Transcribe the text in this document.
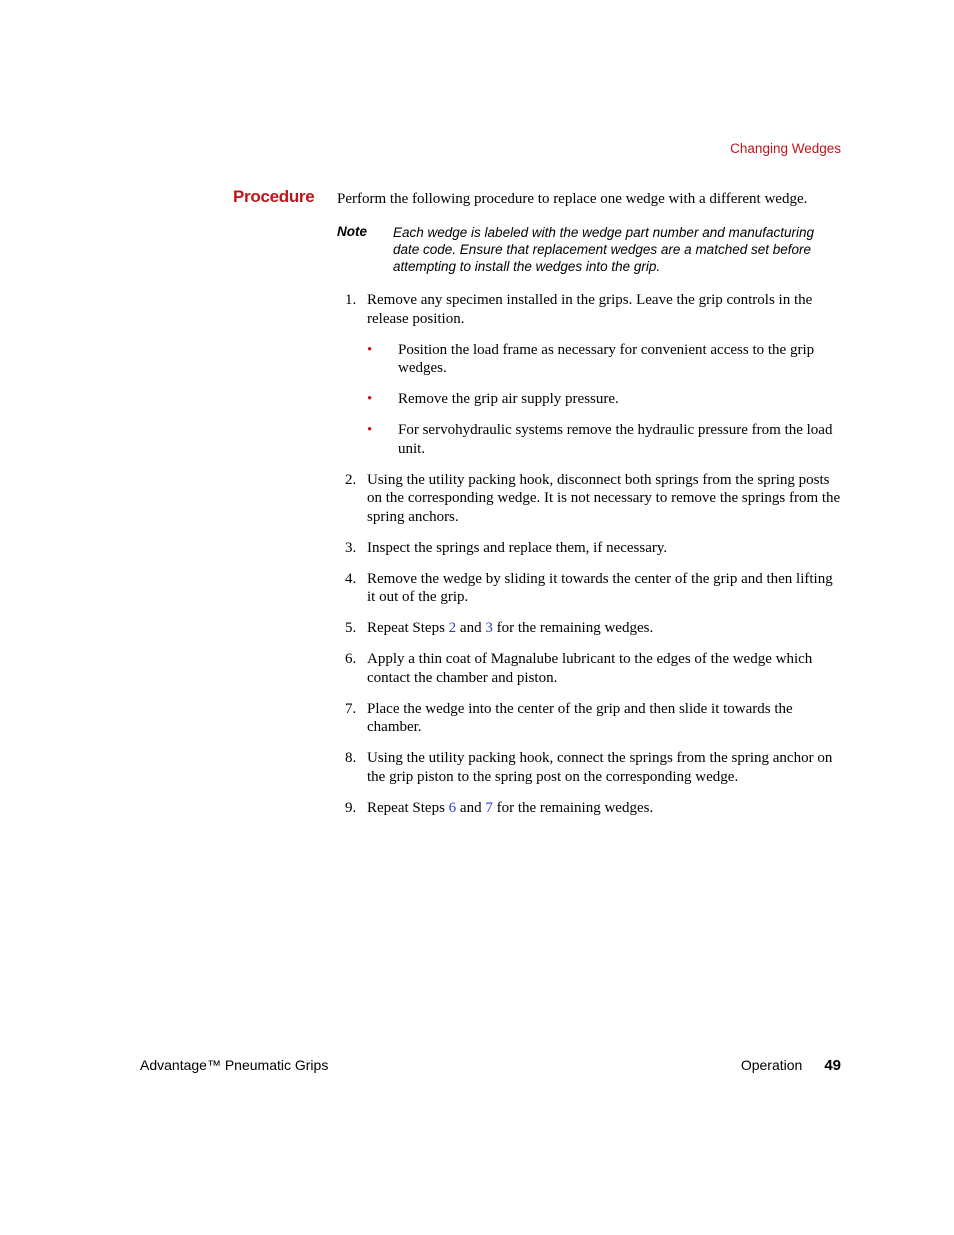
Changing Wedges
Procedure Perform the following procedure to replace one wedge with a different wedge.
Note Each wedge is labeled with the wedge part number and manufacturing date code. Ensure that replacement wedges are a matched set before attempting to install the wedges into the grip.
1. Remove any specimen installed in the grips. Leave the grip controls in the release position.
• Position the load frame as necessary for convenient access to the grip wedges.
• Remove the grip air supply pressure.
• For servohydraulic systems remove the hydraulic pressure from the load unit.
2. Using the utility packing hook, disconnect both springs from the spring posts on the corresponding wedge. It is not necessary to remove the springs from the spring anchors.
3. Inspect the springs and replace them, if necessary.
4. Remove the wedge by sliding it towards the center of the grip and then lifting it out of the grip.
5. Repeat Steps 2 and 3 for the remaining wedges.
6. Apply a thin coat of Magnalube lubricant to the edges of the wedge which contact the chamber and piston.
7. Place the wedge into the center of the grip and then slide it towards the chamber.
8. Using the utility packing hook, connect the springs from the spring anchor on the grip piston to the spring post on the corresponding wedge.
9. Repeat Steps 6 and 7 for the remaining wedges.
Advantage™ Pneumatic Grips	Operation 49
